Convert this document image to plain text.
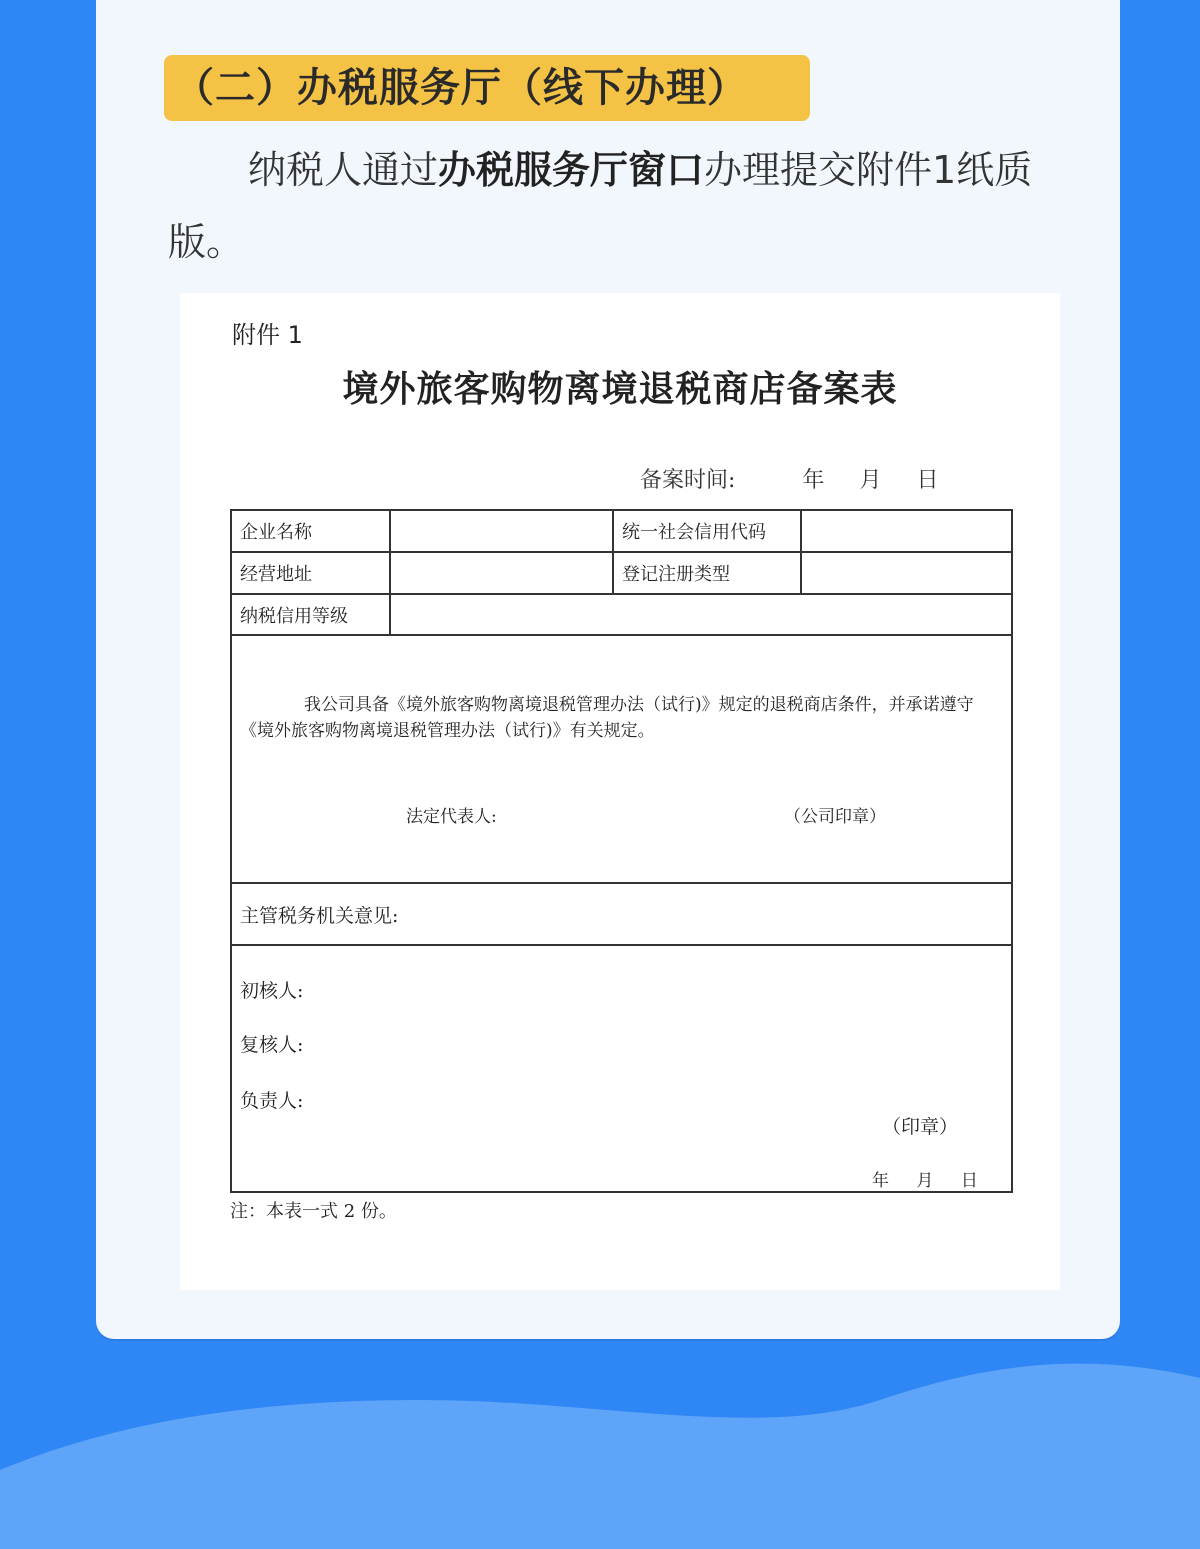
（二）办税服务厅（线下办理）
纳税人通过办税服务厅窗口办理提交附件1纸质版。
附件 1
境外旅客购物离境退税商店备案表
备案时间:	年 月 日
企业名称		统一社会信用代码	
经营地址		登记注册类型	
纳税信用等级			

我公司具备《境外旅客购物离境退税管理办法（试行)》规定的退税商店条件，并承诺遵守《境外旅客购物离境退税管理办法（试行)》有关规定。
法定代表人: （公司印章）			

主管税务机关意见:			

初核人:
复核人:
负责人:
（印章）
年 月 日			
注：本表一式 2 份。
